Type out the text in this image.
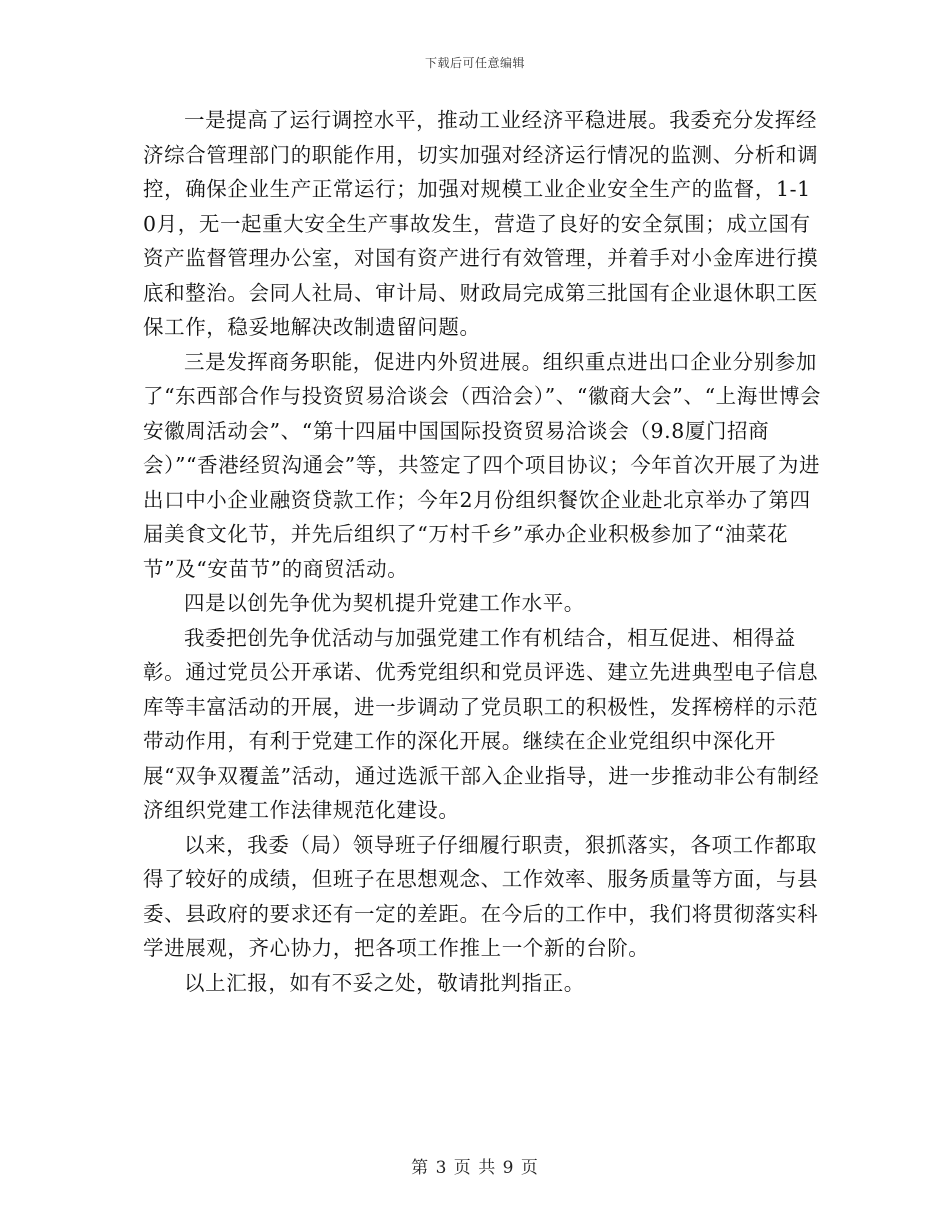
下载后可任意编辑

一是提高了运行调控水平，推动工业经济平稳进展。我委充分发挥经济综合管理部门的职能作用，切实加强对经济运行情况的监测、分析和调控，确保企业生产正常运行；加强对规模工业企业安全生产的监督，1-10月，无一起重大安全生产事故发生，营造了良好的安全氛围；成立国有资产监督管理办公室，对国有资产进行有效管理，并着手对小金库进行摸底和整治。会同人社局、审计局、财政局完成第三批国有企业退休职工医保工作，稳妥地解决改制遗留问题。

三是发挥商务职能，促进内外贸进展。组织重点进出口企业分别参加了“东西部合作与投资贸易洽谈会（西洽会）”、“徽商大会”、“上海世博会安徽周活动会”、“第十四届中国国际投资贸易洽谈会（9.8厦门招商会）”“香港经贸沟通会”等，共签定了四个项目协议；今年首次开展了为进出口中小企业融资贷款工作；今年2月份组织餐饮企业赴北京举办了第四届美食文化节，并先后组织了“万村千乡”承办企业积极参加了“油菜花节”及“安苗节”的商贸活动。

四是以创先争优为契机提升党建工作水平。

我委把创先争优活动与加强党建工作有机结合，相互促进、相得益彰。通过党员公开承诺、优秀党组织和党员评选、建立先进典型电子信息库等丰富活动的开展，进一步调动了党员职工的积极性，发挥榜样的示范带动作用，有利于党建工作的深化开展。继续在企业党组织中深化开展“双争双覆盖”活动，通过选派干部入企业指导，进一步推动非公有制经济组织党建工作法律规范化建设。

以来，我委（局）领导班子仔细履行职责，狠抓落实，各项工作都取得了较好的成绩，但班子在思想观念、工作效率、服务质量等方面，与县委、县政府的要求还有一定的差距。在今后的工作中，我们将贯彻落实科学进展观，齐心协力，把各项工作推上一个新的台阶。

以上汇报，如有不妥之处，敬请批判指正。

第 3 页 共 9 页
